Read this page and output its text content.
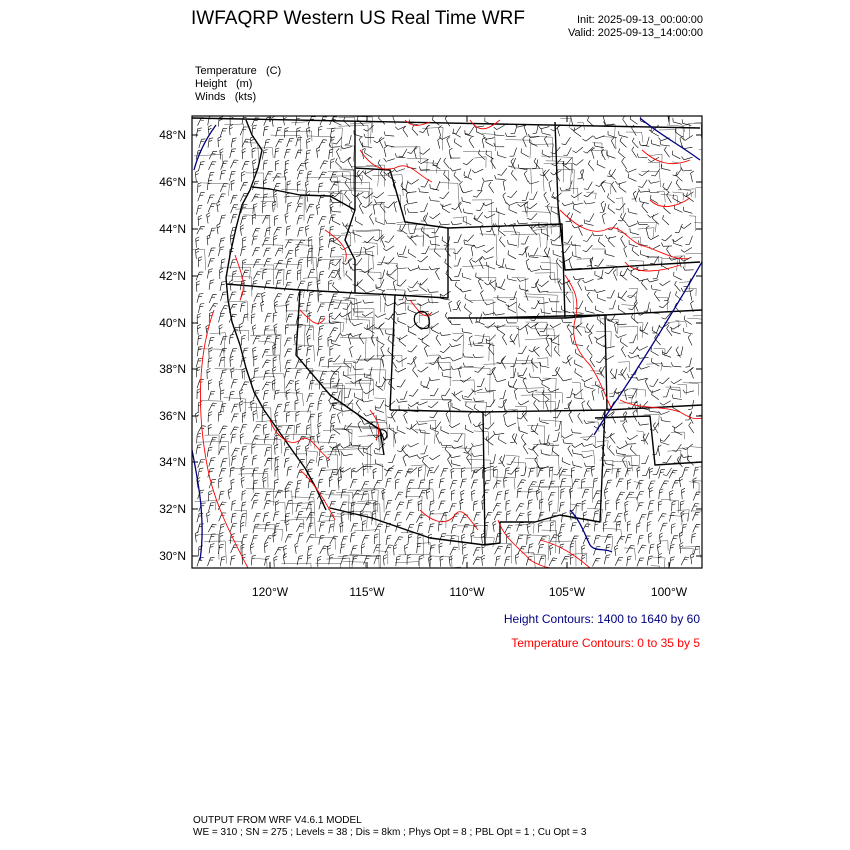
IWFAQRP Western US Real Time WRF	Init: 2025-09-13_00:00:00
Valid: 2025-09-13_14:00:00
Temperature (C)
Height (m)
Winds (kts)
48°N
46°N
44°N
42°N
40°N
38°N
36°N
34°N
32°N
30°N
120°W	115°W	110°W	105°W	100°W
Height Contours: 1400 to 1640 by 60
Temperature Contours: 0 to 35 by 5
OUTPUT FROM WRF V4.6.1 MODEL
WE = 310 ; SN = 275 ; Levels = 38 ; Dis = 8km ; Phys Opt = 8 ; PBL Opt = 1 ; Cu Opt = 3
